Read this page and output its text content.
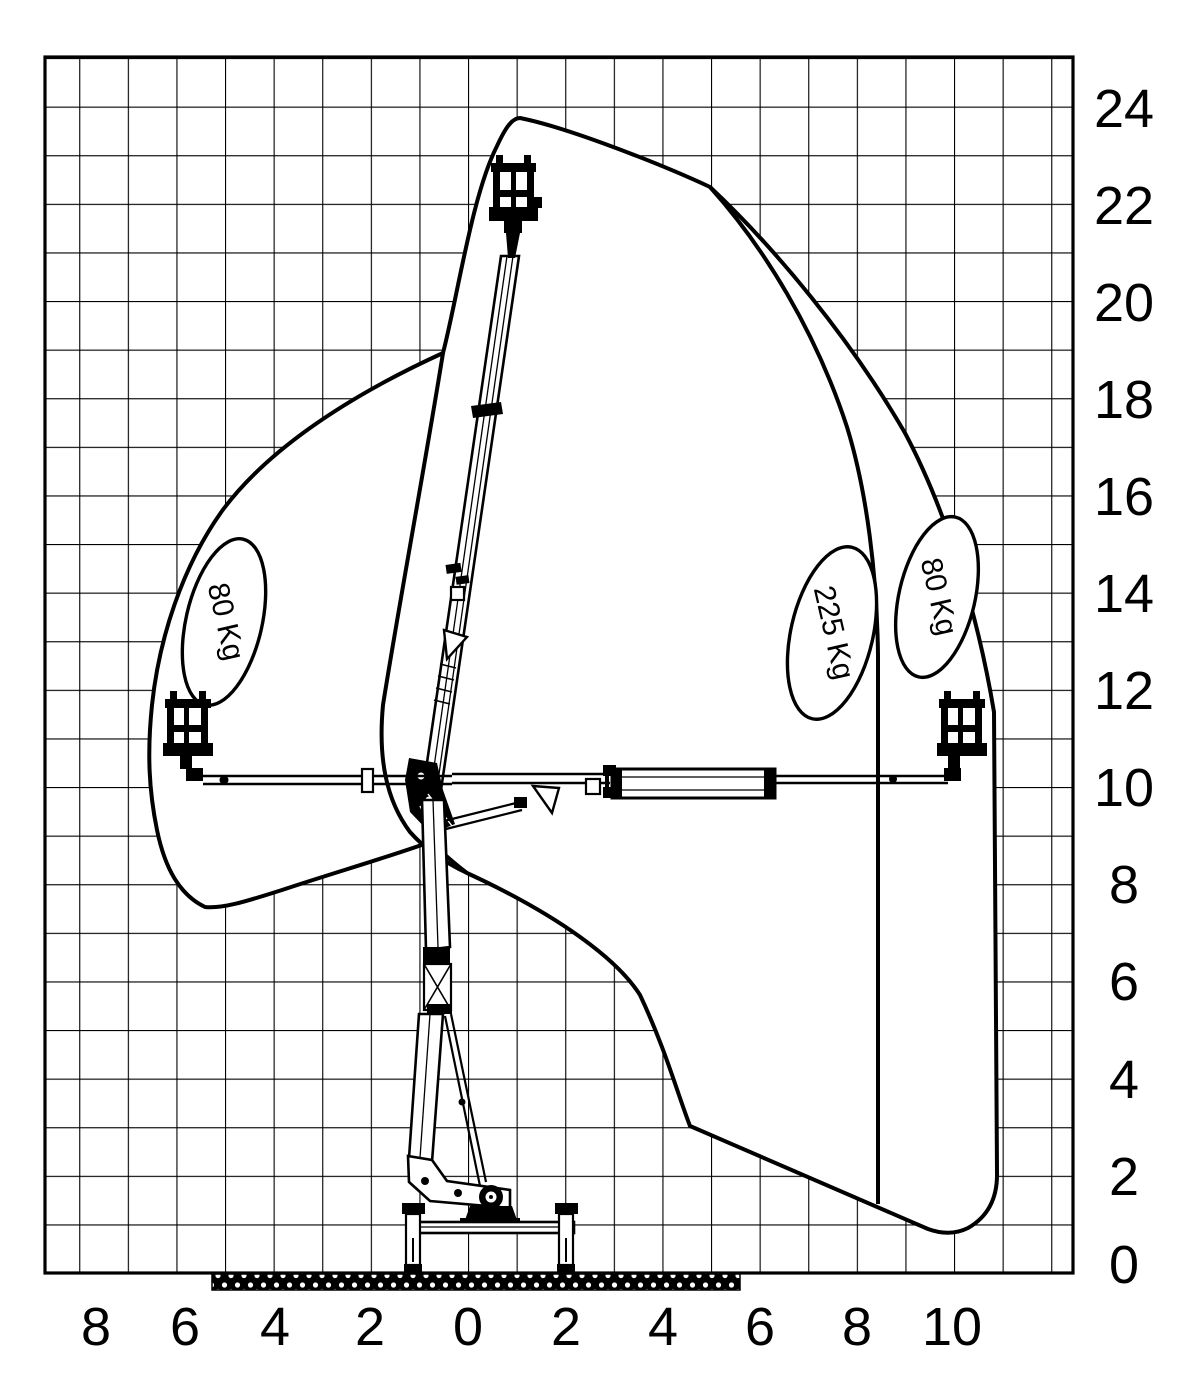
80 Kg	225 Kg 80 Kg
24
22
20
18
16
14
12
10
8
6
4
2
0
8 6 4 2 0 2 4 6 8 10
